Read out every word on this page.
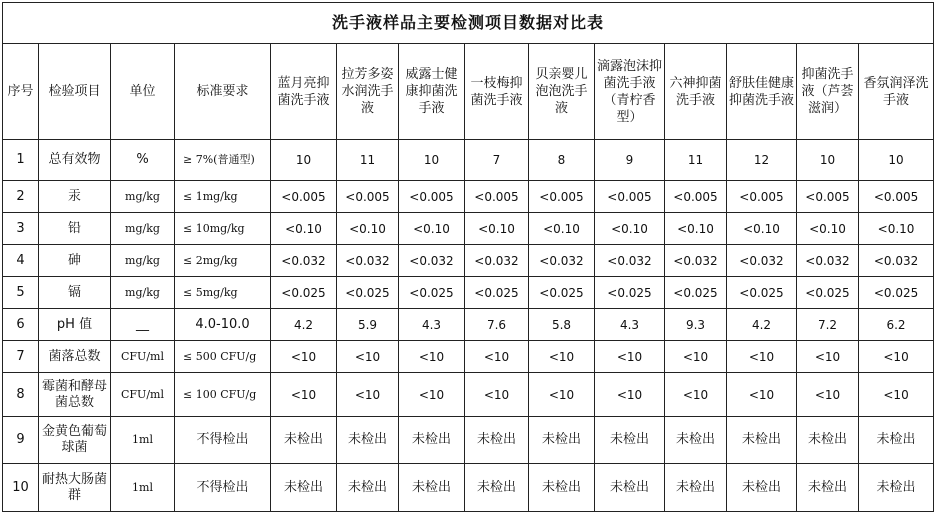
洗手液样品主要检测项目数据对比表													
序号	检验项目	单位	标准要求	蓝月亮抑菌洗手液	拉芳多姿水润洗手液	威露士健康抑菌洗手液	一枝梅抑菌洗手液	贝亲婴儿泡泡洗手液	滴露泡沫抑菌洗手液（青柠香型）	六神抑菌洗手液	舒肤佳健康抑菌洗手液	抑菌洗手液（芦荟滋润）	香氛润泽洗手液
1	总有效物	%	≥ 7%(普通型)	10	11	10	7	8	9	11	12	10	10
2	汞	mg/kg	≤ 1mg/kg	<0.005	<0.005	<0.005	<0.005	<0.005	<0.005	<0.005	<0.005	<0.005	<0.005
3	铅	mg/kg	≤ 10mg/kg	<0.10	<0.10	<0.10	<0.10	<0.10	<0.10	<0.10	<0.10	<0.10	<0.10
4	砷	mg/kg	≤ 2mg/kg	<0.032	<0.032	<0.032	<0.032	<0.032	<0.032	<0.032	<0.032	<0.032	<0.032
5	镉	mg/kg	≤ 5mg/kg	<0.025	<0.025	<0.025	<0.025	<0.025	<0.025	<0.025	<0.025	<0.025	<0.025
6	pH 值	__	4.0-10.0	4.2	5.9	4.3	7.6	5.8	4.3	9.3	4.2	7.2	6.2
7	菌落总数	CFU/ml	≤ 500 CFU/g	<10	<10	<10	<10	<10	<10	<10	<10	<10	<10
8	霉菌和酵母菌总数	CFU/ml	≤ 100 CFU/g	<10	<10	<10	<10	<10	<10	<10	<10	<10	<10
9	金黄色葡萄球菌	1ml	不得检出	未检出	未检出	未检出	未检出	未检出	未检出	未检出	未检出	未检出	未检出
10	耐热大肠菌群	1ml	不得检出	未检出	未检出	未检出	未检出	未检出	未检出	未检出	未检出	未检出	未检出
